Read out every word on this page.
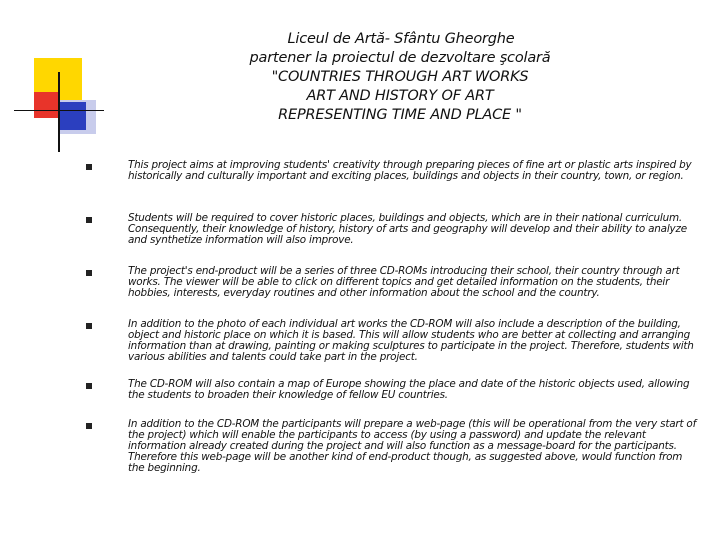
Liceul de Artă- Sfântu Gheorghe
partener la proiectul de dezvoltare şcolară
"COUNTRIES THROUGH ART WORKS
ART AND HISTORY OF ART
REPRESENTING TIME AND PLACE "
This project aims at improving students' creativity through preparing pieces of fine art or plastic arts inspired by historically and culturally important and exciting places, buildings and objects in their country, town, or region.
Students will be required to cover historic places, buildings and objects, which are in their national curriculum. Consequently, their knowledge of history, history of arts and geography will develop and their ability to analyze and synthetize information will also improve.
The project's end-product will be a series of three CD-ROMs introducing their school, their country through art works. The viewer will be able to click on different topics and get detailed information on the students, their hobbies, interests, everyday routines and other information about the school and the country.
In addition to the photo of each individual art works the CD-ROM will also include a description of the building, object and historic place on which it is based. This will allow students who are better at collecting and arranging information than at drawing, painting or making sculptures to participate in the project. Therefore, students with various abilities and talents could take part in the project.
The CD-ROM will also contain a map of Europe showing the place and date of the historic objects used, allowing the students to broaden their knowledge of fellow EU countries.
In addition to the CD-ROM the participants will prepare a web-page (this will be operational from the very start of the project) which will enable the participants to access (by using a password) and update the relevant information already created during the project and will also function as a message-board for the participants. Therefore this web-page will be another kind of end-product though, as suggested above, would function from the beginning.
